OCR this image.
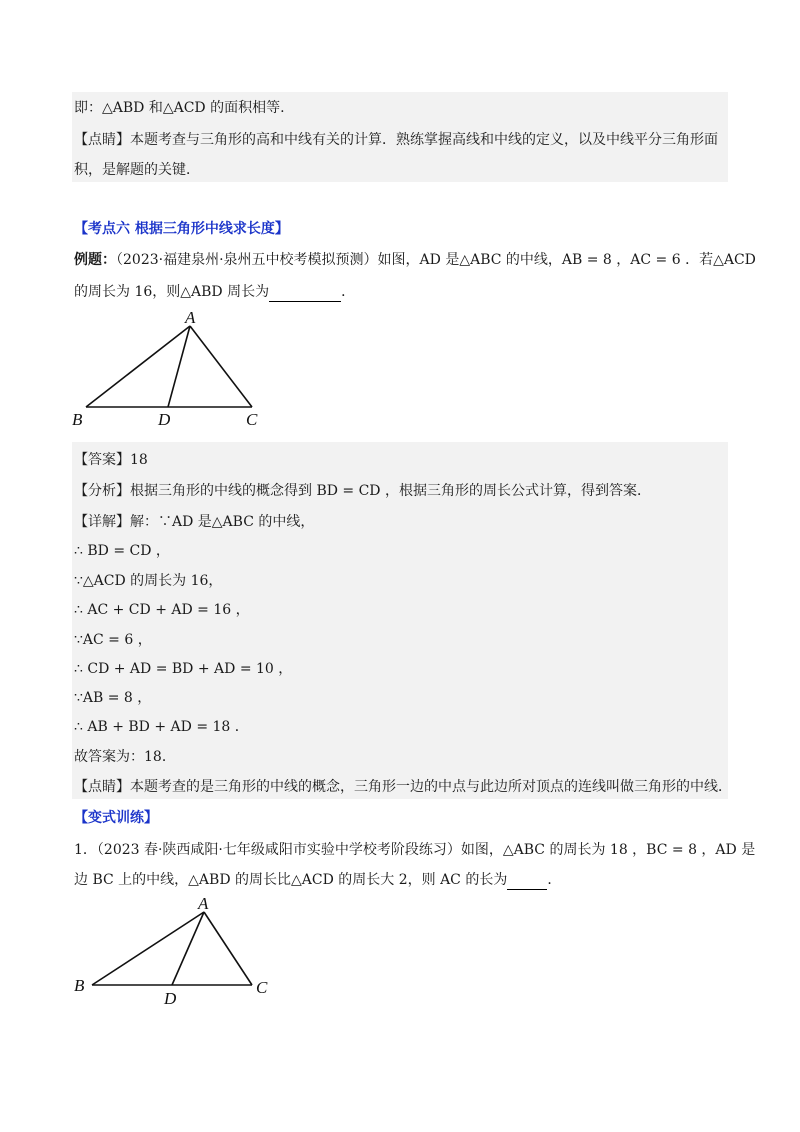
即：△ABD 和△ACD 的面积相等.
【点睛】本题考查与三角形的高和中线有关的计算．熟练掌握高线和中线的定义，以及中线平分三角形面
积，是解题的关键．
【考点六 根据三角形中线求长度】
例题：（2023·福建泉州·泉州五中校考模拟预测）如图，AD 是△ABC 的中线，AB = 8 ，AC = 6 ．若△ACD
的周长为 16，则△ABD 周长为	．
A
B	D	C
【答案】18
【分析】根据三角形的中线的概念得到 BD = CD ，根据三角形的周长公式计算，得到答案．
【详解】解：∵AD 是△ABC 的中线，
∴ BD = CD ，
∵△ACD 的周长为 16，
∴ AC + CD + AD = 16 ，
∵AC = 6 ，
∴ CD + AD = BD + AD = 10 ，
∵AB = 8 ，
∴ AB + BD + AD = 18 ．
故答案为：18．
【点睛】本题考查的是三角形的中线的概念，三角形一边的中点与此边所对顶点的连线叫做三角形的中线．
【变式训练】
1．（2023 春·陕西咸阳·七年级咸阳市实验中学校考阶段练习）如图，△ABC 的周长为 18 ，BC = 8 ，AD 是
边 BC 上的中线，△ABD 的周长比△ACD 的周长大 2，则 AC 的长为	．
A
B
D
C
